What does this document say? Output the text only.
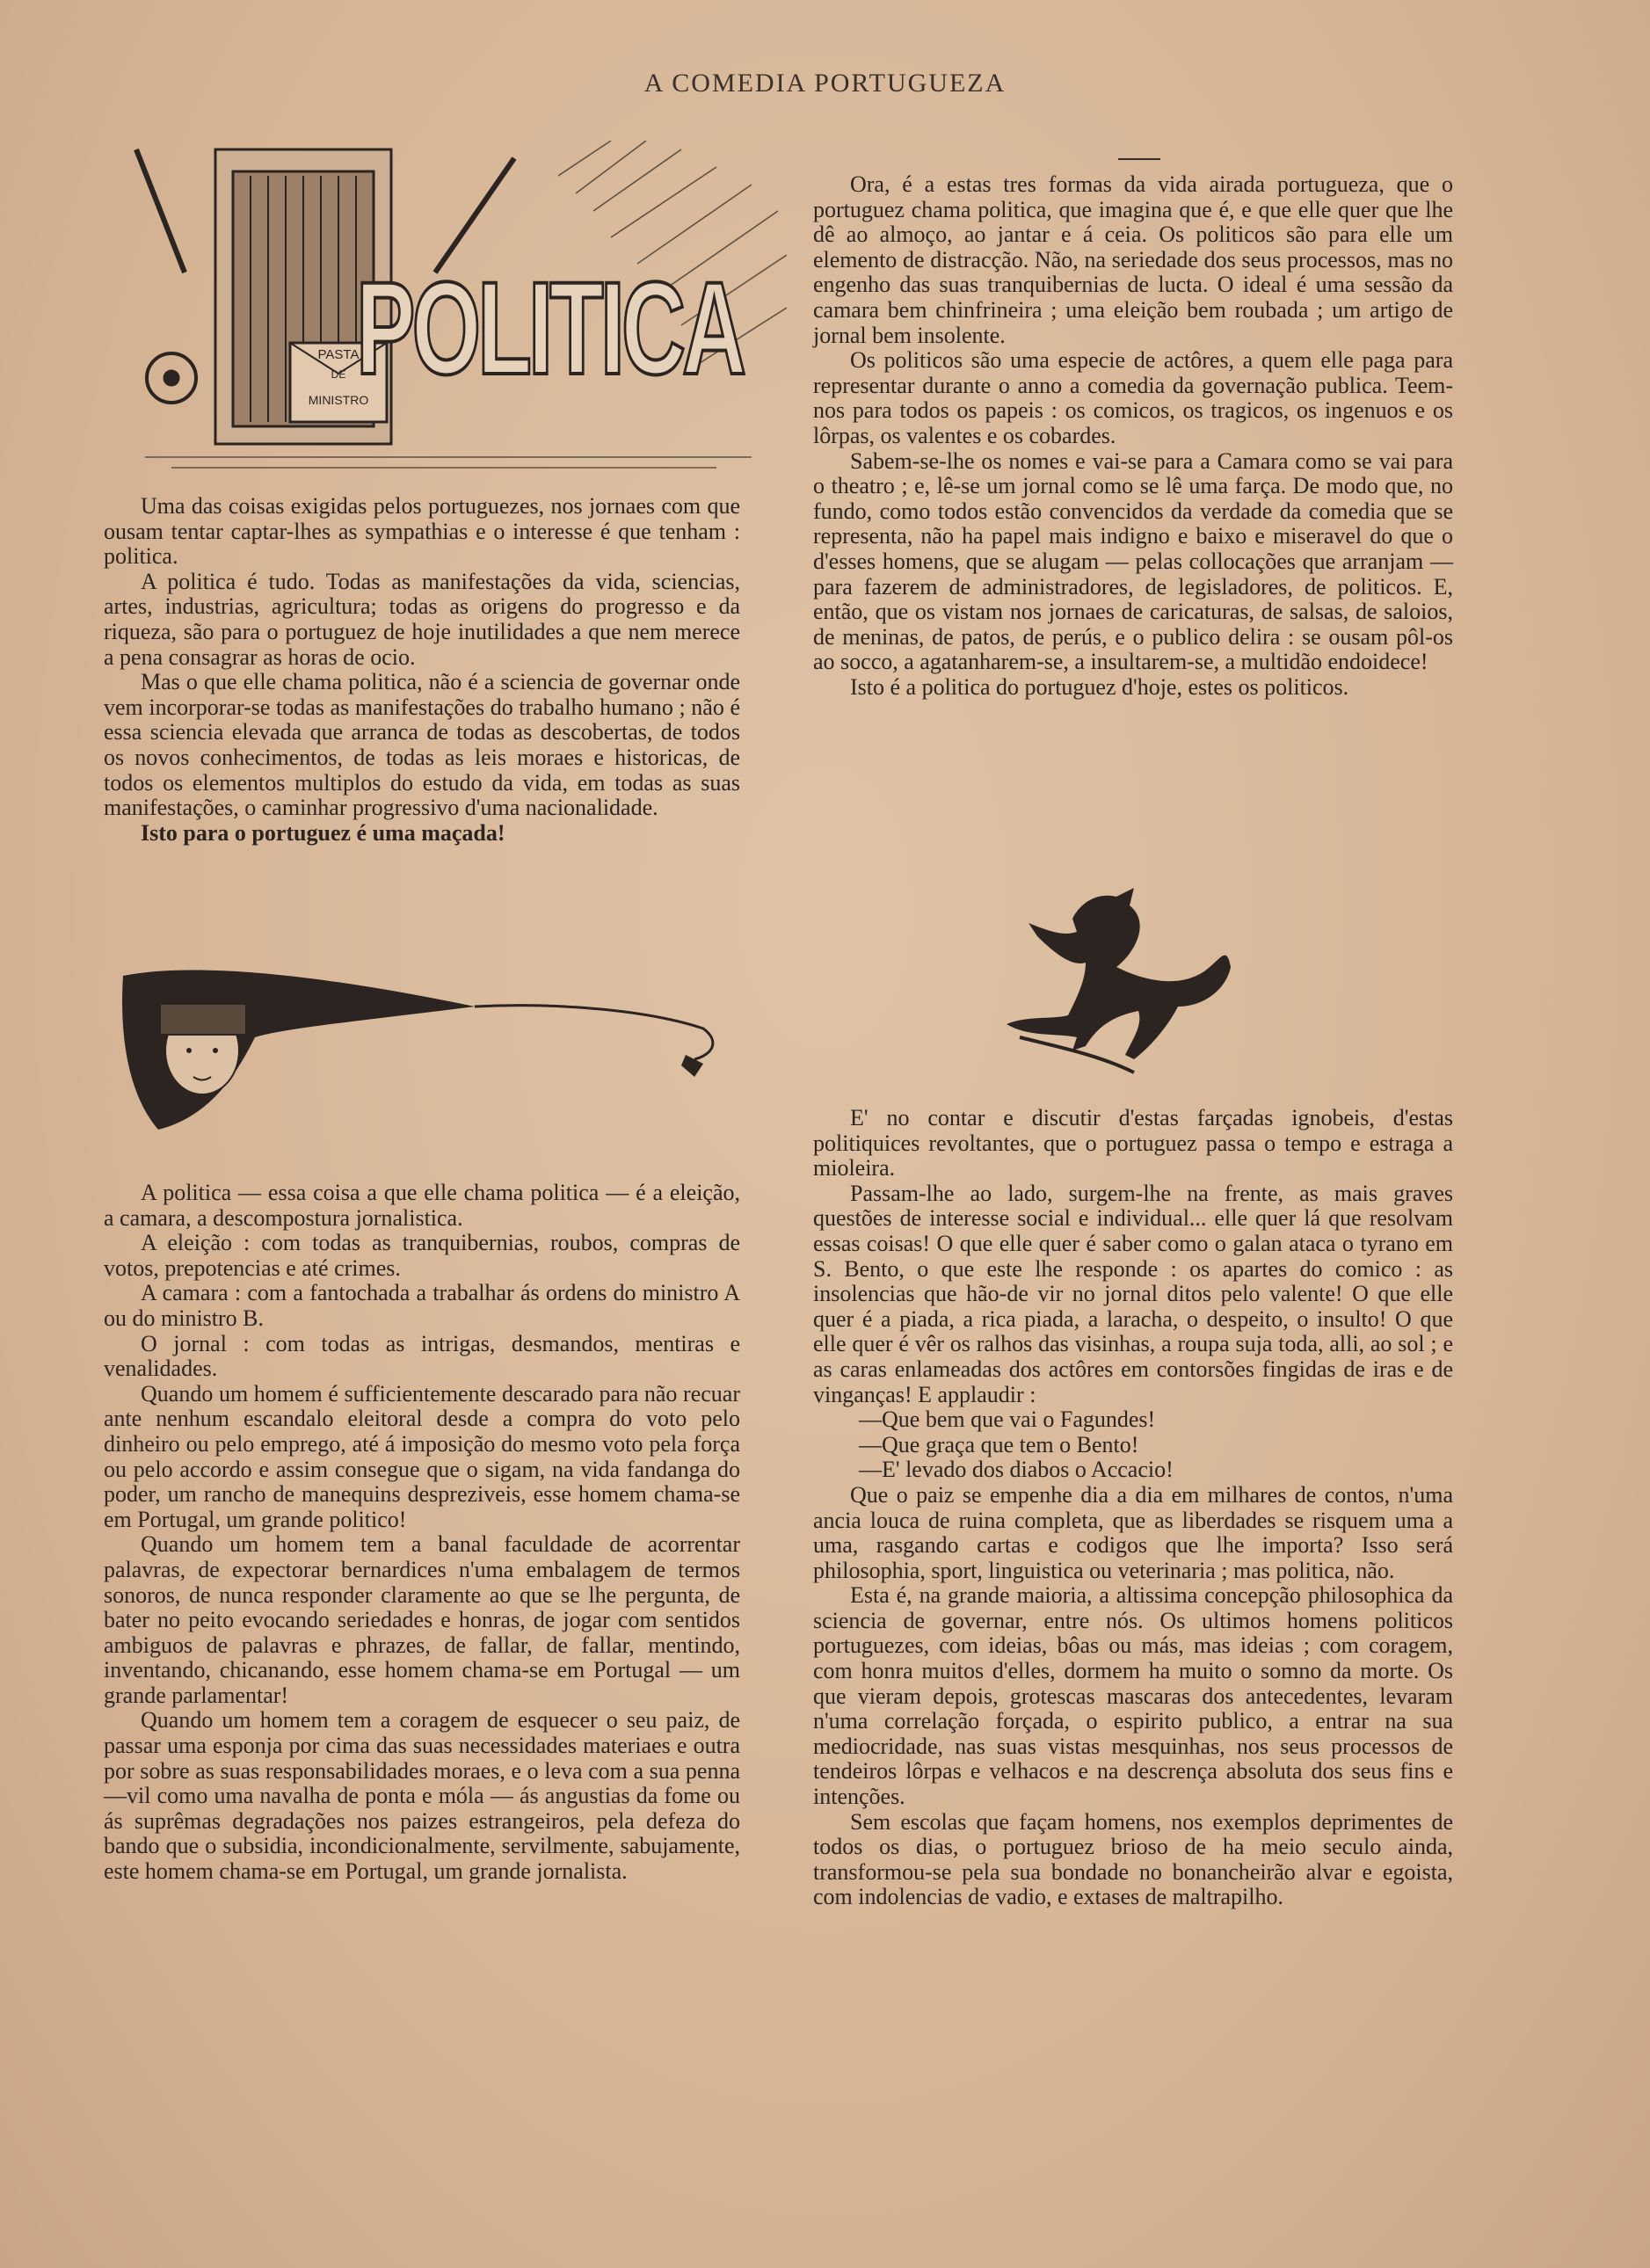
A COMEDIA PORTUGUEZA
PASTA
DE
MINISTRO
POLITICA

Uma das coisas exigidas pelos portuguezes, nos jornaes com que ousam tentar captar-lhes as sympathias e o interesse é que tenham : politica.

A politica é tudo. Todas as manifestações da vida, sciencias, artes, industrias, agricultura; todas as origens do progresso e da riqueza, são para o portuguez de hoje inutilidades a que nem merece a pena consagrar as horas de ocio.

Mas o que elle chama politica, não é a sciencia de governar onde vem incorporar-se todas as manifestações do trabalho humano ; não é essa sciencia elevada que arranca de todas as descobertas, de todos os novos conhecimentos, de todas as leis moraes e historicas, de todos os elementos multiplos do estudo da vida, em todas as suas manifestações, o caminhar progressivo d'uma nacionalidade.

Isto para o portuguez é uma maçada!

A politica — essa coisa a que elle chama politica — é a eleição, a camara, a descompostura jornalistica.

A eleição : com todas as tranquibernias, roubos, compras de votos, prepotencias e até crimes.

A camara : com a fantochada a trabalhar ás ordens do ministro A ou do ministro B.

O jornal : com todas as intrigas, desmandos, mentiras e venalidades.

Quando um homem é sufficientemente descarado para não recuar ante nenhum escandalo eleitoral desde a compra do voto pelo dinheiro ou pelo emprego, até á imposição do mesmo voto pela força ou pelo accordo e assim consegue que o sigam, na vida fandanga do poder, um rancho de manequins despreziveis, esse homem chama-se em Portugal, um grande politico!

Quando um homem tem a banal faculdade de acorrentar palavras, de expectorar bernardices n'uma embalagem de termos sonoros, de nunca responder claramente ao que se lhe pergunta, de bater no peito evocando seriedades e honras, de jogar com sentidos ambiguos de palavras e phrazes, de fallar, de fallar, mentindo, inventando, chicanando, esse homem chama-se em Portugal — um grande parlamentar!

Quando um homem tem a coragem de esquecer o seu paiz, de passar uma esponja por cima das suas necessidades materiaes e outra por sobre as suas responsabilidades moraes, e o leva com a sua penna—vil como uma navalha de ponta e móla — ás angustias da fome ou ás suprêmas degradações nos paizes estrangeiros, pela defeza do bando que o subsidia, incondicionalmente, servilmente, sabujamente, este homem chama-se em Portugal, um grande jornalista.

Ora, é a estas tres formas da vida airada portugueza, que o portuguez chama politica, que imagina que é, e que elle quer que lhe dê ao almoço, ao jantar e á ceia. Os politicos são para elle um elemento de distracção. Não, na seriedade dos seus processos, mas no engenho das suas tranquibernias de lucta. O ideal é uma sessão da camara bem chinfrineira ; uma eleição bem roubada ; um artigo de jornal bem insolente.

Os politicos são uma especie de actôres, a quem elle paga para representar durante o anno a comedia da governação publica. Teem-nos para todos os papeis : os comicos, os tragicos, os ingenuos e os lôrpas, os valentes e os cobardes.

Sabem-se-lhe os nomes e vai-se para a Camara como se vai para o theatro ; e, lê-se um jornal como se lê uma farça. De modo que, no fundo, como todos estão convencidos da verdade da comedia que se representa, não ha papel mais indigno e baixo e miseravel do que o d'esses homens, que se alugam — pelas collocações que arranjam — para fazerem de administradores, de legisladores, de politicos. E, então, que os vistam nos jornaes de caricaturas, de salsas, de saloios, de meninas, de patos, de perús, e o publico delira : se ousam pôl-os ao socco, a agatanharem-se, a insultarem-se, a multidão endoidece!

Isto é a politica do portuguez d'hoje, estes os politicos.

E' no contar e discutir d'estas farçadas ignobeis, d'estas politiquices revoltantes, que o portuguez passa o tempo e estraga a mioleira.

Passam-lhe ao lado, surgem-lhe na frente, as mais graves questões de interesse social e individual... elle quer lá que resolvam essas coisas! O que elle quer é saber como o galan ataca o tyrano em S. Bento, o que este lhe responde : os apartes do comico : as insolencias que hão-de vir no jornal ditos pelo valente! O que elle quer é a piada, a rica piada, a laracha, o despeito, o insulto! O que elle quer é vêr os ralhos das visinhas, a roupa suja toda, alli, ao sol ; e as caras enlameadas dos actôres em contorsões fingidas de iras e de vinganças! E applaudir :

—Que bem que vai o Fagundes!

—Que graça que tem o Bento!

—E' levado dos diabos o Accacio!

Que o paiz se empenhe dia a dia em milhares de contos, n'uma ancia louca de ruina completa, que as liberdades se risquem uma a uma, rasgando cartas e codigos que lhe importa? Isso será philosophia, sport, linguistica ou veterinaria ; mas politica, não.

Esta é, na grande maioria, a altissima concepção philosophica da sciencia de governar, entre nós. Os ultimos homens politicos portuguezes, com ideias, bôas ou más, mas ideias ; com coragem, com honra muitos d'elles, dormem ha muito o somno da morte. Os que vieram depois, grotescas mascaras dos antecedentes, levaram n'uma correlação forçada, o espirito publico, a entrar na sua mediocridade, nas suas vistas mesquinhas, nos seus processos de tendeiros lôrpas e velhacos e na descrença absoluta dos seus fins e intenções.

Sem escolas que façam homens, nos exemplos deprimentes de todos os dias, o portuguez brioso de ha meio seculo ainda, transformou-se pela sua bondade no bonancheirão alvar e egoista, com indolencias de vadio, e extases de maltrapilho.
